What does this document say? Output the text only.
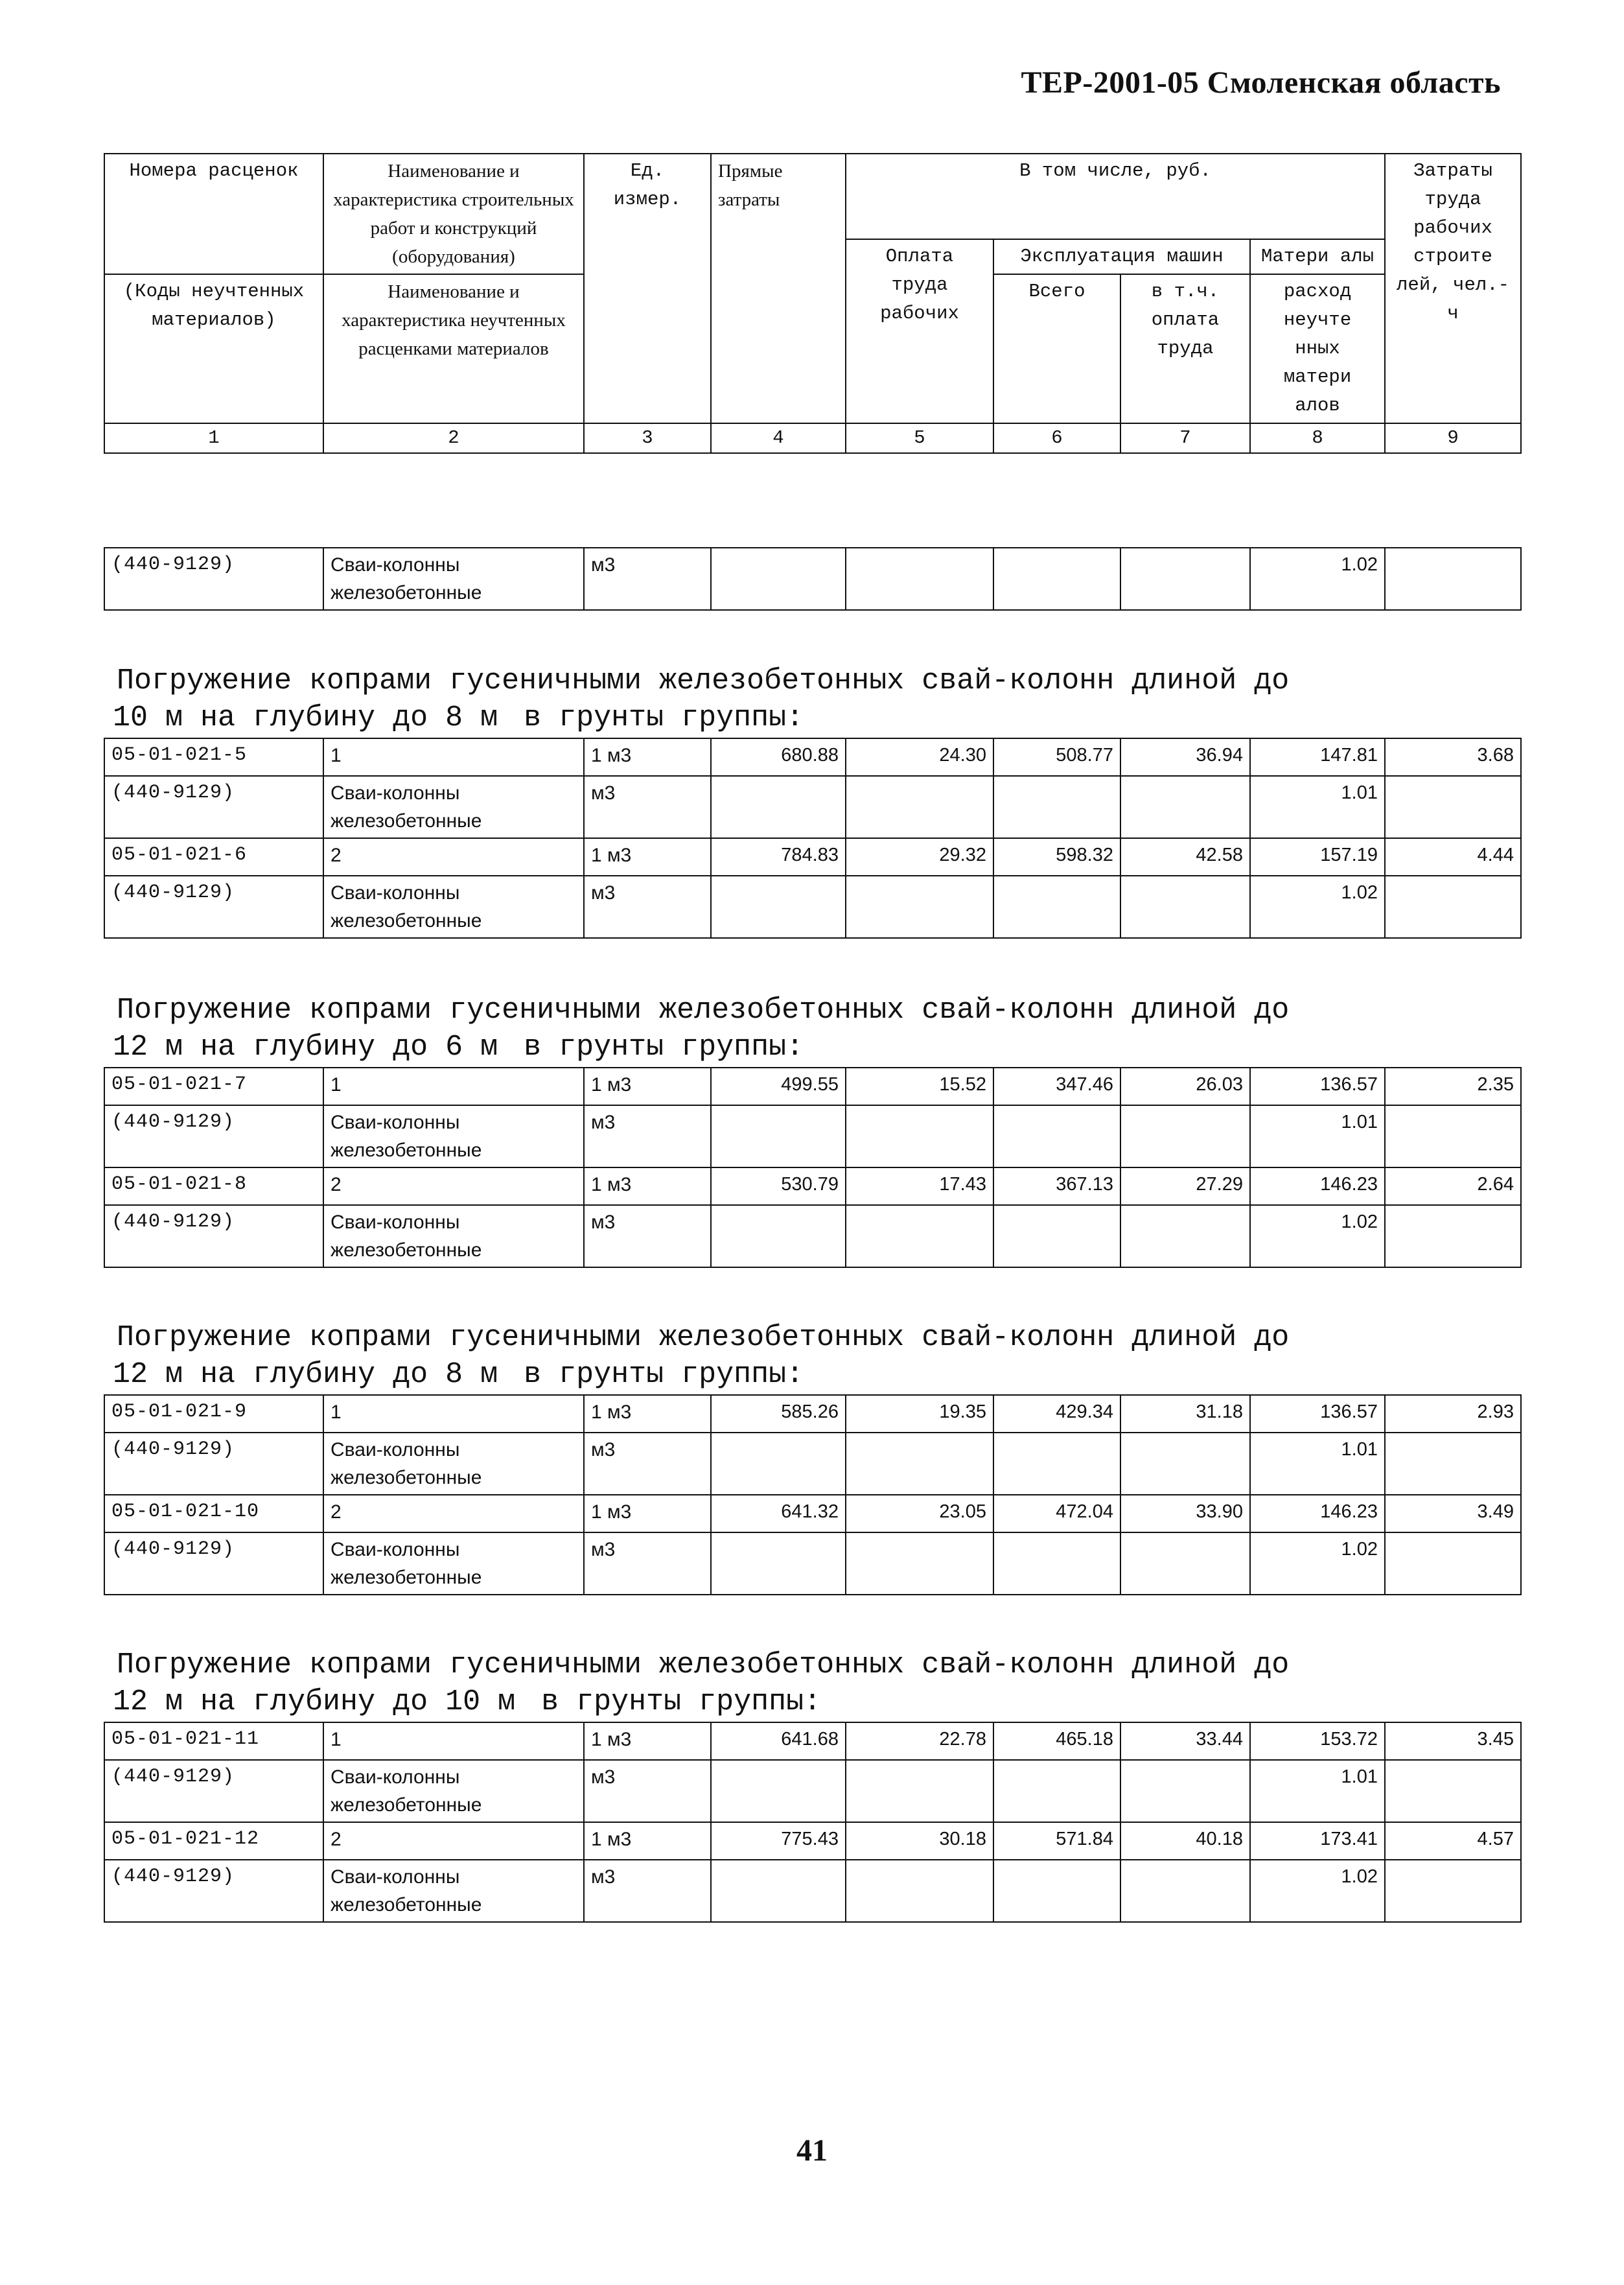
ТЕР-2001-05 Смоленская область
Номера расценок	Наименование и характеристика строительных работ и конструкций (оборудования)	Ед. измер.	Прямые затраты	В том числе, руб.				Затраты труда рабочих строите лей, чел.-ч
				Оплата труда рабочих	Эксплуатация машин		Матери алы	
(Коды неучтенных материалов)	Наименование и характеристика неучтенных расценками материалов				Всего	в т.ч. оплата труда	расход неучте нных матери алов	
1	2	3	4	5	6	7	8	9
(440-9129)	Сваи-колонны железобетонные	м3					1.02	
Погружение копрами гусеничными железобетонных свай-колонн длиной до
10 м на глубину до 8 м в грунты группы:
05-01-021-5	1	1 м3	680.88	24.30	508.77	36.94	147.81	3.68
(440-9129)	Сваи-колонны железобетонные	м3					1.01	
05-01-021-6	2	1 м3	784.83	29.32	598.32	42.58	157.19	4.44
(440-9129)	Сваи-колонны железобетонные	м3					1.02	
Погружение копрами гусеничными железобетонных свай-колонн длиной до
12 м на глубину до 6 м в грунты группы:
05-01-021-7	1	1 м3	499.55	15.52	347.46	26.03	136.57	2.35
(440-9129)	Сваи-колонны железобетонные	м3					1.01	
05-01-021-8	2	1 м3	530.79	17.43	367.13	27.29	146.23	2.64
(440-9129)	Сваи-колонны железобетонные	м3					1.02	
Погружение копрами гусеничными железобетонных свай-колонн длиной до
12 м на глубину до 8 м в грунты группы:
05-01-021-9	1	1 м3	585.26	19.35	429.34	31.18	136.57	2.93
(440-9129)	Сваи-колонны железобетонные	м3					1.01	
05-01-021-10	2	1 м3	641.32	23.05	472.04	33.90	146.23	3.49
(440-9129)	Сваи-колонны железобетонные	м3					1.02	
Погружение копрами гусеничными железобетонных свай-колонн длиной до
12 м на глубину до 10 м в грунты группы:
05-01-021-11	1	1 м3	641.68	22.78	465.18	33.44	153.72	3.45
(440-9129)	Сваи-колонны железобетонные	м3					1.01	
05-01-021-12	2	1 м3	775.43	30.18	571.84	40.18	173.41	4.57
(440-9129)	Сваи-колонны железобетонные	м3					1.02	
41
